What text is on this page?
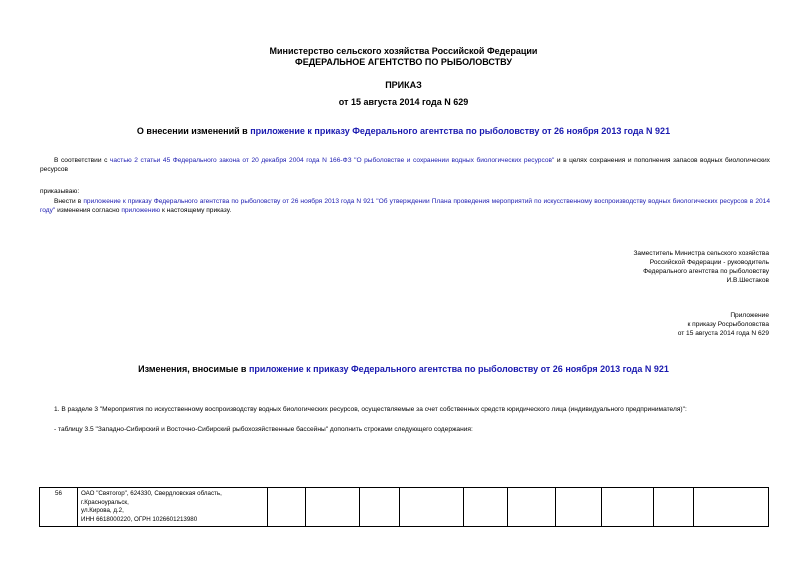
Министерство сельского хозяйства Российской Федерации
ФЕДЕРАЛЬНОЕ АГЕНТСТВО ПО РЫБОЛОВСТВУ
ПРИКАЗ
от 15 августа 2014 года N 629
О внесении изменений в приложение к приказу Федерального агентства по рыболовству от 26 ноября 2013 года N 921
В соответствии с частью 2 статьи 45 Федерального закона от 20 декабря 2004 года N 166-ФЗ "О рыболовстве и сохранении водных биологических ресурсов" и в целях сохранения и пополнения запасов водных биологических ресурсов
приказываю:
Внести в приложение к приказу Федерального агентства по рыболовству от 26 ноября 2013 года N 921 "Об утверждении Плана проведения мероприятий по искусственному воспроизводству водных биологических ресурсов в 2014 году" изменения согласно приложению к настоящему приказу.
Заместитель Министра сельского хозяйства
Российской Федерации - руководитель
Федерального агентства по рыболовству
И.В.Шестаков
Приложение
к приказу Росрыболовства
от 15 августа 2014 года N 629
Изменения, вносимые в приложение к приказу Федерального агентства по рыболовству от 26 ноября 2013 года N 921
1. В разделе 3 "Мероприятия по искусственному воспроизводству водных биологических ресурсов, осуществляемые за счет собственных средств юридического лица (индивидуального предпринимателя)":
- таблицу 3.5 "Западно-Сибирский и Восточно-Сибирский рыбохозяйственные бассейны" дополнить строками следующего содержания:
56	ОАО "Святогор", 624330, Свердловская область, г.Красноуральск,
ул.Кирова, д.2,
ИНН 6618000220, ОГРН 1026601213980
